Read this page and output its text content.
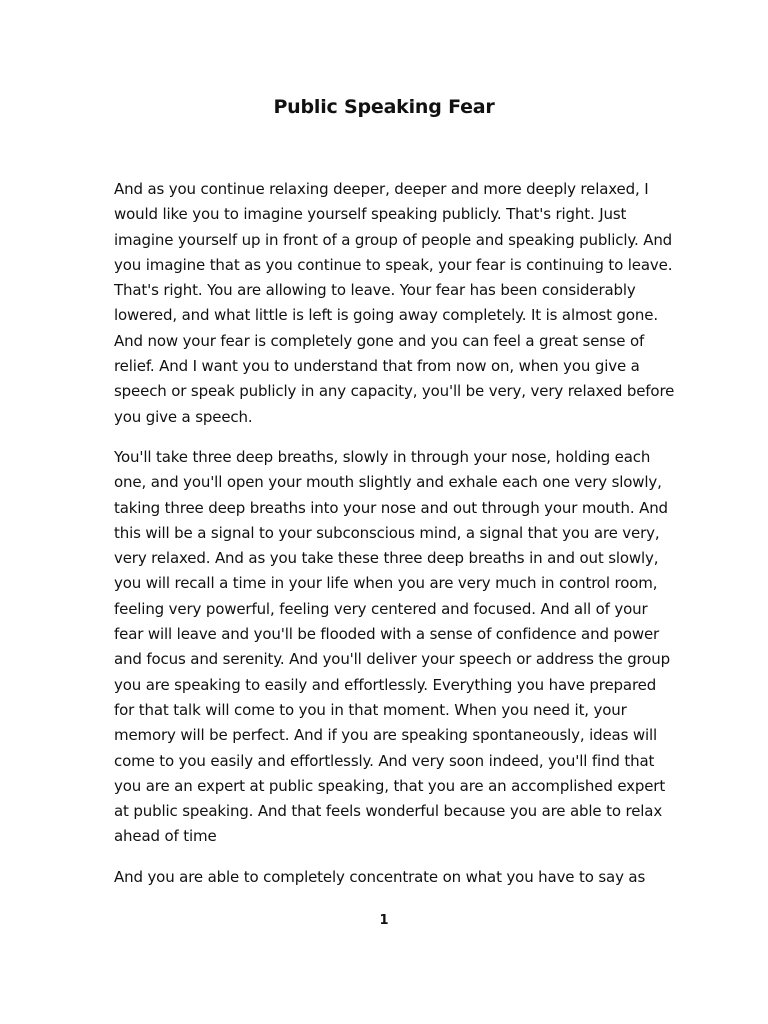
Public Speaking Fear

And as you continue relaxing deeper, deeper and more deeply relaxed, I
would like you to imagine yourself speaking publicly. That's right. Just
imagine yourself up in front of a group of people and speaking publicly. And
you imagine that as you continue to speak, your fear is continuing to leave.
That's right. You are allowing to leave. Your fear has been considerably
lowered, and what little is left is going away completely. It is almost gone.
And now your fear is completely gone and you can feel a great sense of
relief. And I want you to understand that from now on, when you give a
speech or speak publicly in any capacity, you'll be very, very relaxed before
you give a speech.

You'll take three deep breaths, slowly in through your nose, holding each
one, and you'll open your mouth slightly and exhale each one very slowly,
taking three deep breaths into your nose and out through your mouth. And
this will be a signal to your subconscious mind, a signal that you are very,
very relaxed. And as you take these three deep breaths in and out slowly,
you will recall a time in your life when you are very much in control room,
feeling very powerful, feeling very centered and focused. And all of your
fear will leave and you'll be flooded with a sense of confidence and power
and focus and serenity. And you'll deliver your speech or address the group
you are speaking to easily and effortlessly. Everything you have prepared
for that talk will come to you in that moment. When you need it, your
memory will be perfect. And if you are speaking spontaneously, ideas will
come to you easily and effortlessly. And very soon indeed, you'll find that
you are an expert at public speaking, that you are an accomplished expert
at public speaking. And that feels wonderful because you are able to relax
ahead of time

And you are able to completely concentrate on what you have to say as

1
